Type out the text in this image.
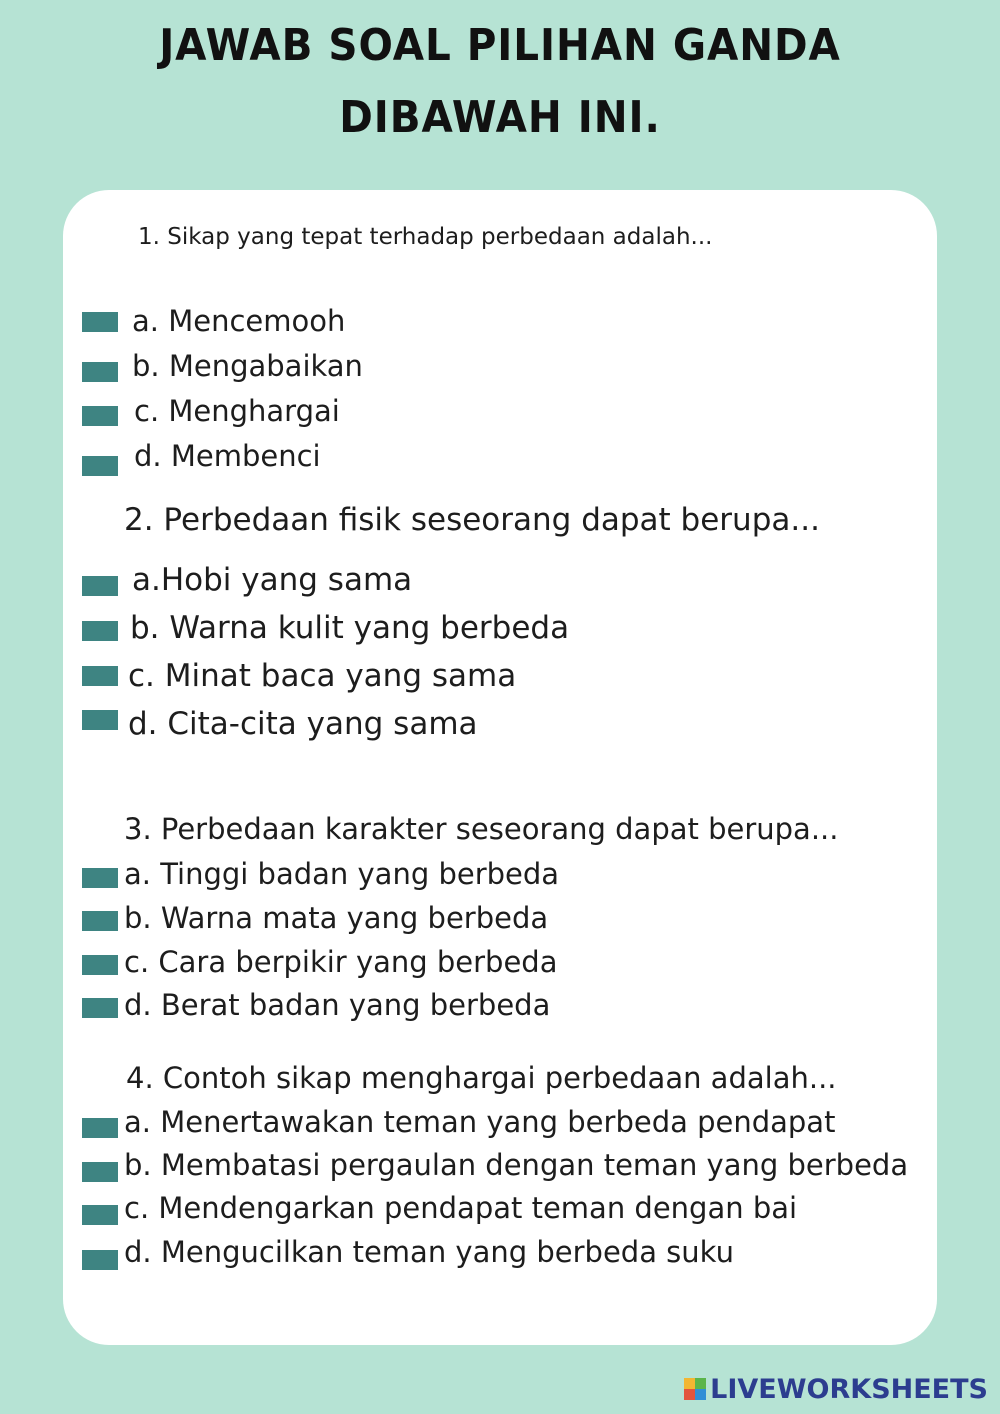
JAWAB SOAL PILIHAN GANDA
DIBAWAH INI.
1. Sikap yang tepat terhadap perbedaan adalah...
a. Mencemooh
b. Mengabaikan
c. Menghargai
d. Membenci
2. Perbedaan fisik seseorang dapat berupa...
a.Hobi yang sama
b. Warna kulit yang berbeda
c. Minat baca yang sama
d. Cita-cita yang sama
3. Perbedaan karakter seseorang dapat berupa...
a. Tinggi badan yang berbeda
b. Warna mata yang berbeda
c. Cara berpikir yang berbeda
d. Berat badan yang berbeda
4. Contoh sikap menghargai perbedaan adalah...
a. Menertawakan teman yang berbeda pendapat
b. Membatasi pergaulan dengan teman yang berbeda
c. Mendengarkan pendapat teman dengan bai
d. Mengucilkan teman yang berbeda suku
LIVEWORKSHEETS
